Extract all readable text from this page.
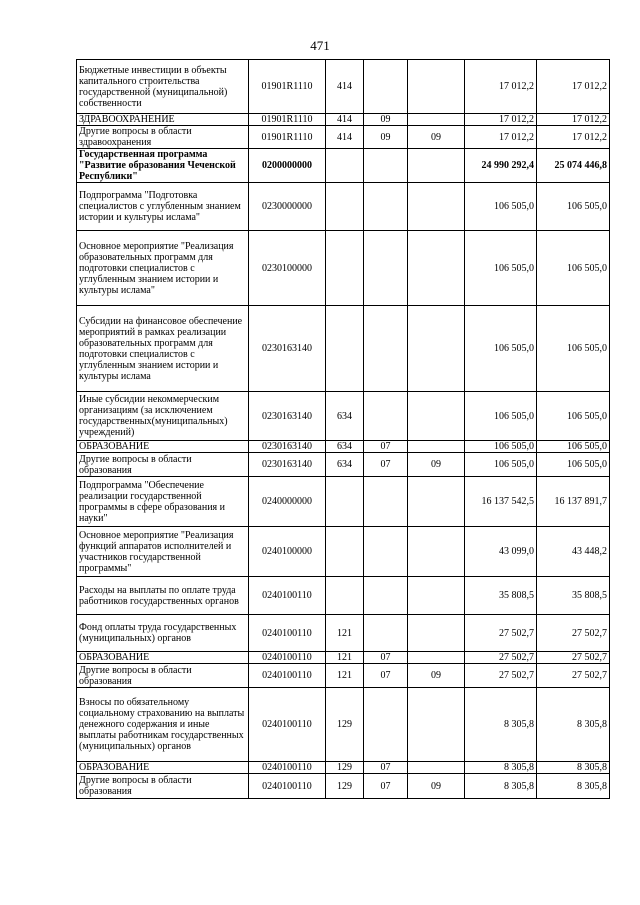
471
Бюджетные инвестиции в объекты капитального строительства государственной (муниципальной) собственности	01901R1110	414			17 012,2	17 012,2
ЗДРАВООХРАНЕНИЕ	01901R1110	414	09		17 012,2	17 012,2
Другие вопросы в области здравоохранения	01901R1110	414	09	09	17 012,2	17 012,2
Государственная программа "Развитие образования Чеченской Республики"	0200000000				24 990 292,4	25 074 446,8
Подпрограмма "Подготовка специалистов с углубленным знанием истории и культуры ислама"	0230000000				106 505,0	106 505,0
Основное мероприятие "Реализация образовательных программ для подготовки специалистов с углубленным знанием истории и культуры ислама"	0230100000				106 505,0	106 505,0
Субсидии на финансовое обеспечение мероприятий в рамках реализации образовательных программ для подготовки специалистов с углубленным знанием истории и культуры ислама	0230163140				106 505,0	106 505,0
Иные субсидии некоммерческим организациям (за исключением государственных(муниципальных) учреждений)	0230163140	634			106 505,0	106 505,0
ОБРАЗОВАНИЕ	0230163140	634	07		106 505,0	106 505,0
Другие вопросы в области образования	0230163140	634	07	09	106 505,0	106 505,0
Подпрограмма "Обеспечение реализации государственной программы в сфере образования и науки"	0240000000				16 137 542,5	16 137 891,7
Основное мероприятие "Реализация функций аппаратов исполнителей и участников государственной программы"	0240100000				43 099,0	43 448,2
Расходы на выплаты по оплате труда работников государственных органов	0240100110				35 808,5	35 808,5
Фонд оплаты труда государственных (муниципальных) органов	0240100110	121			27 502,7	27 502,7
ОБРАЗОВАНИЕ	0240100110	121	07		27 502,7	27 502,7
Другие вопросы в области образования	0240100110	121	07	09	27 502,7	27 502,7
Взносы по обязательному социальному страхованию на выплаты денежного содержания и иные выплаты работникам государственных (муниципальных) органов	0240100110	129			8 305,8	8 305,8
ОБРАЗОВАНИЕ	0240100110	129	07		8 305,8	8 305,8
Другие вопросы в области образования	0240100110	129	07	09	8 305,8	8 305,8
